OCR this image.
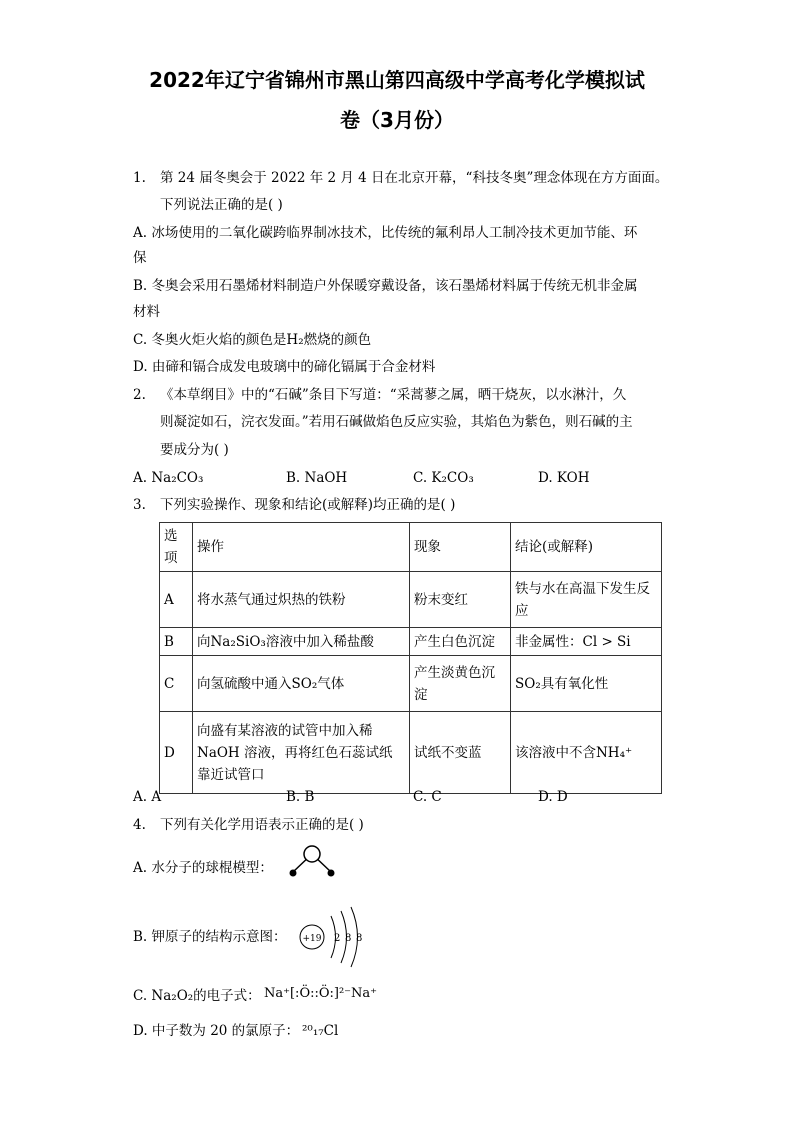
2022年辽宁省锦州市黑山第四高级中学高考化学模拟试
卷（3月份）
1. 第 24 届冬奥会于 2022 年 2 月 4 日在北京开幕，“科技冬奥”理念体现在方方面面。
下列说法正确的是( )
A. 冰场使用的二氧化碳跨临界制冰技术，比传统的氟利昂人工制冷技术更加节能、环
保
B. 冬奥会采用石墨烯材料制造户外保暖穿戴设备，该石墨烯材料属于传统无机非金属
材料
C. 冬奥火炬火焰的颜色是H₂燃烧的颜色
D. 由碲和镉合成发电玻璃中的碲化镉属于合金材料
2. 《本草纲目》中的“石碱”条目下写道：“采蒿蓼之属，晒干烧灰，以水淋汁，久
则凝淀如石，浣衣发面。”若用石碱做焰色反应实验，其焰色为紫色，则石碱的主
要成分为( )
A. Na₂CO₃	B. NaOH	C. K₂CO₃	D. KOH
3. 下列实验操作、现象和结论(或解释)均正确的是( )
选项	操作	现象	结论(或解释)
A	将水蒸气通过炽热的铁粉	粉末变红	铁与水在高温下发生反应
B	向Na₂SiO₃溶液中加入稀盐酸	产生白色沉淀	非金属性：Cl > Si
C	向氢硫酸中通入SO₂气体	产生淡黄色沉淀	SO₂具有氧化性
D	向盛有某溶液的试管中加入稀NaOH 溶液，再将红色石蕊试纸靠近试管口	试纸不变蓝	该溶液中不含NH₄⁺
A. A	B. B	C. C	D. D
4. 下列有关化学用语表示正确的是( )
A. 水分子的球棍模型：
B. 钾原子的结构示意图： +19 2 8 8
C. Na₂O₂的电子式： Na⁺[:Ö::Ö:]²⁻Na⁺
D. 中子数为 20 的氯原子： ²⁰₁₇Cl
